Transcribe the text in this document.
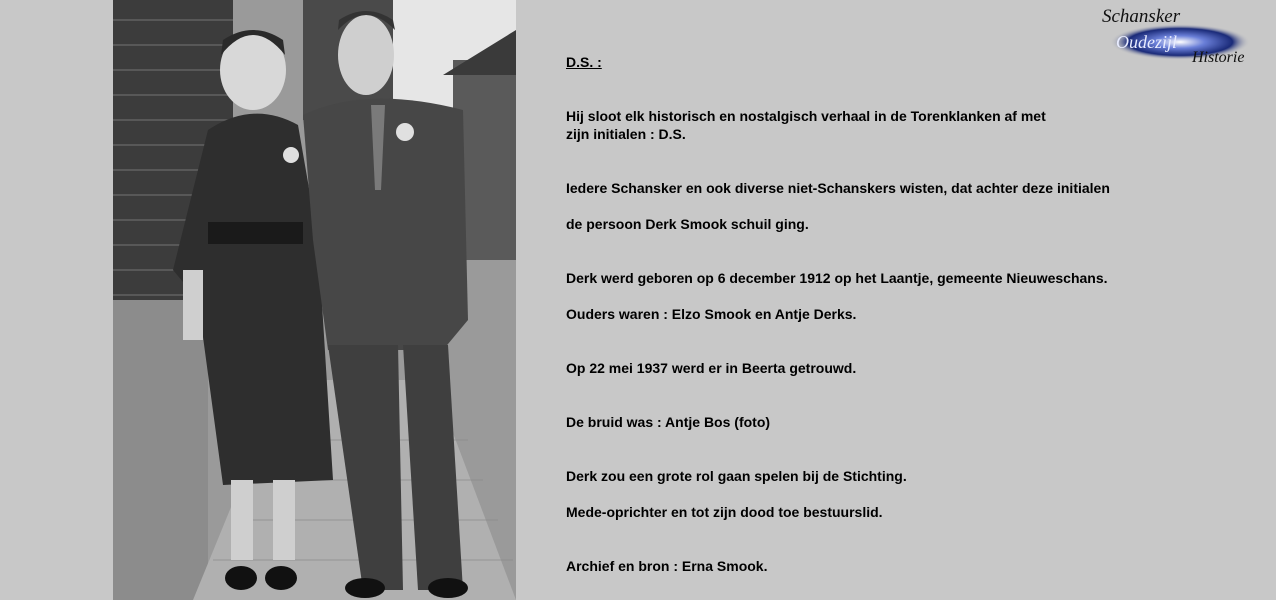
Schansker
Oudezijl
Historie

D.S. :

Hij sloot elk historisch en nostalgisch verhaal in de Torenklanken af met

zijn initialen : D.S.

Iedere Schansker en ook diverse niet-Schanskers wisten, dat achter deze initialen

de persoon Derk Smook schuil ging.

Derk werd geboren op 6 december 1912 op het Laantje, gemeente Nieuweschans.

Ouders waren : Elzo Smook en Antje Derks.

Op 22 mei 1937 werd er in Beerta getrouwd.

De bruid was : Antje Bos (foto)

Derk zou een grote rol gaan spelen bij de Stichting.

Mede-oprichter en tot zijn dood toe bestuurslid.

Archief en bron : Erna Smook.
